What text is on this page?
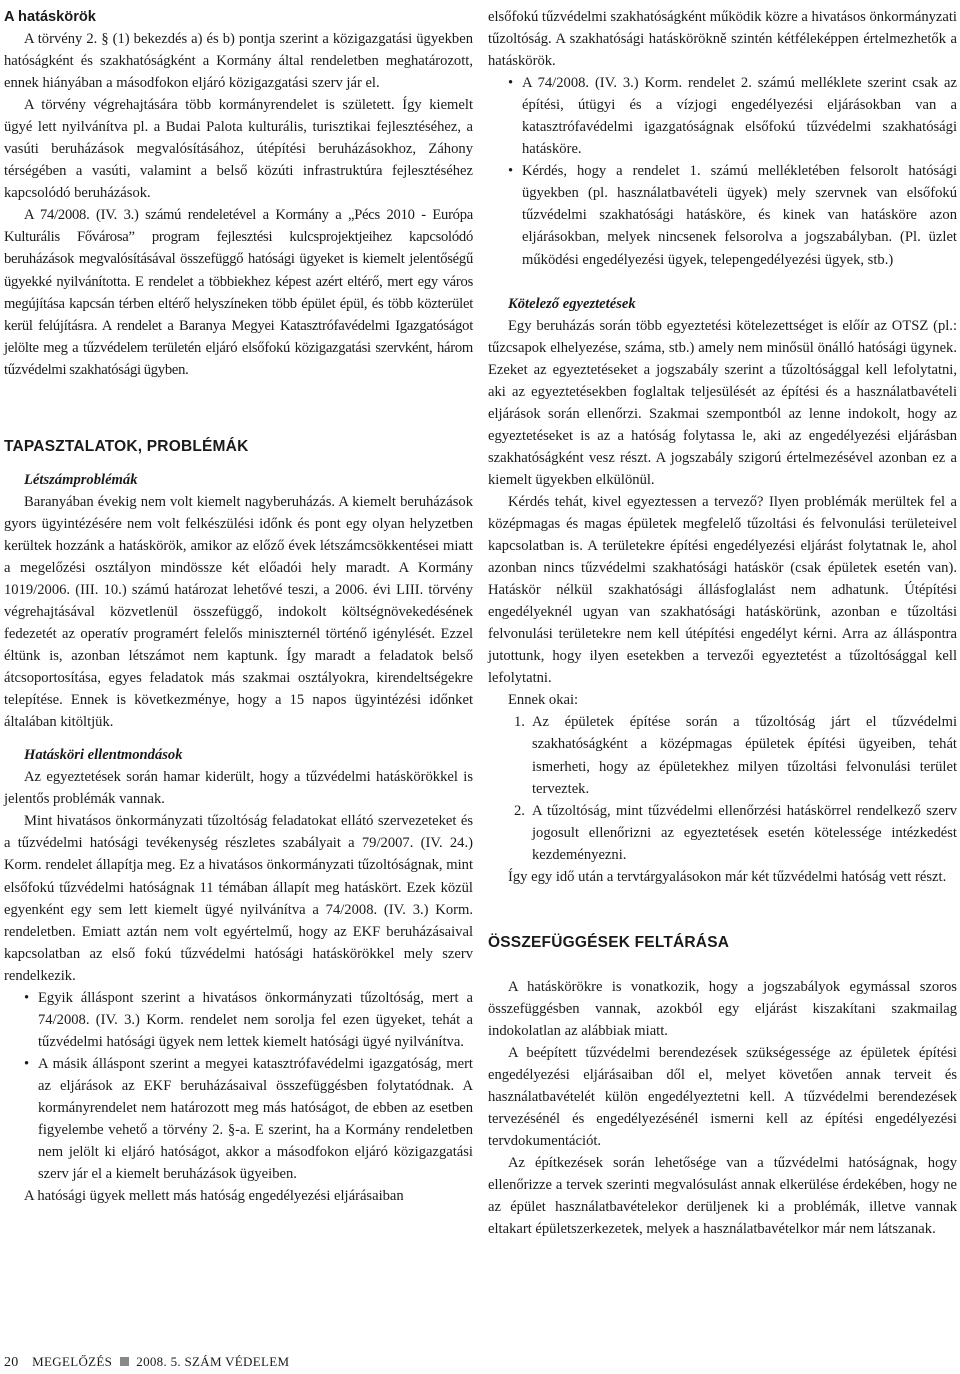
A hatáskörök

A törvény 2. § (1) bekezdés a) és b) pontja szerint a közigazgatási ügyekben hatóságként és szakhatóságként a Kormány által rendeletben meghatározott, ennek hiányában a másodfokon eljáró közigazgatási szerv jár el.

A törvény végrehajtására több kormányrendelet is született. Így kiemelt ügyé lett nyilvánítva pl. a Budai Palota kulturális, turisztikai fejlesztéséhez, a vasúti beruházások megvalósításához, útépítési beruházásokhoz, Záhony térségében a vasúti, valamint a belső közúti infrastruktúra fejlesztéséhez kapcsolódó beruházások.

A 74/2008. (IV. 3.) számú rendeletével a Kormány a „Pécs 2010 - Európa Kulturális Fővárosa” program fejlesztési kulcsprojektjeihez kapcsolódó beruházások megvalósításával összefüggő hatósági ügyeket is kiemelt jelentőségű ügyekké nyilvánította. E rendelet a többiekhez képest azért eltérő, mert egy város megújítása kapcsán térben eltérő helyszíneken több épület épül, és több közterület kerül felújításra. A rendelet a Baranya Megyei Katasztrófavédelmi Igazgatóságot jelölte meg a tűzvédelem területén eljáró elsőfokú közigazgatási szervként, három tűzvédelmi szakhatósági ügyben.

TAPASZTALATOK, PROBLÉMÁK
Létszámproblémák

Baranyában évekig nem volt kiemelt nagyberuházás. A kiemelt beruházások gyors ügyintézésére nem volt felkészülési időnk és pont egy olyan helyzetben kerültek hozzánk a hatáskörök, amikor az előző évek létszámcsökkentései miatt a megelőzési osztályon mindössze két előadói hely maradt. A Kormány 1019/2006. (III. 10.) számú határozat lehetővé teszi, a 2006. évi LIII. törvény végrehajtásával közvetlenül összefüggő, indokolt költségnövekedésének fedezetét az operatív programért felelős miniszternél történő igénylését. Ezzel éltünk is, azonban létszámot nem kaptunk. Így maradt a feladatok belső átcsoportosítása, egyes feladatok más szakmai osztályokra, kirendeltségekre telepítése. Ennek is következménye, hogy a 15 napos ügyintézési időnket általában kitöltjük.

Hatásköri ellentmondások

Az egyeztetések során hamar kiderült, hogy a tűzvédelmi hatáskörökkel is jelentős problémák vannak.

Mint hivatásos önkormányzati tűzoltóság feladatokat ellátó szervezeteket és a tűzvédelmi hatósági tevékenység részletes szabályait a 79/2007. (IV. 24.) Korm. rendelet állapítja meg. Ez a hivatásos önkormányzati tűzoltóságnak, mint elsőfokú tűzvédelmi hatóságnak 11 témában állapít meg hatáskört. Ezek közül egyenként egy sem lett kiemelt ügyé nyilvánítva a 74/2008. (IV. 3.) Korm. rendeletben. Emiatt aztán nem volt egyértelmű, hogy az EKF beruházásaival kapcsolatban az első fokú tűzvédelmi hatósági hatáskörökkel mely szerv rendelkezik.

• Egyik álláspont szerint a hivatásos önkormányzati tűzoltóság, mert a 74/2008. (IV. 3.) Korm. rendelet nem sorolja fel ezen ügyeket, tehát a tűzvédelmi hatósági ügyek nem lettek kiemelt hatósági ügyé nyilvánítva.
• A másik álláspont szerint a megyei katasztrófavédelmi igazgatóság, mert az eljárások az EKF beruházásaival összefüggésben folytatódnak. A kormányrendelet nem határozott meg más hatóságot, de ebben az esetben figyelembe vehető a törvény 2. §-a. E szerint, ha a Kormány rendeletben nem jelölt ki eljáró hatóságot, akkor a másodfokon eljáró közigazgatási szerv jár el a kiemelt beruházások ügyeiben.

A hatósági ügyek mellett más hatóság engedélyezési eljárásaiban

elsőfokú tűzvédelmi szakhatóságként működik közre a hivatásos önkormányzati tűzoltóság. A szakhatósági hatáskörökně szintén kétféleképpen értelmezhetők a hatáskörök.

• A 74/2008. (IV. 3.) Korm. rendelet 2. számú melléklete szerint csak az építési, útügyi és a vízjogi engedélyezési eljárásokban van a katasztrófavédelmi igazgatóságnak elsőfokú tűzvédelmi szakhatósági hatásköre.
• Kérdés, hogy a rendelet 1. számú mellékletében felsorolt hatósági ügyekben (pl. használatbavételi ügyek) mely szervnek van elsőfokú tűzvédelmi szakhatósági hatásköre, és kinek van hatásköre azon eljárásokban, melyek nincsenek felsorolva a jogszabályban. (Pl. üzlet működési engedélyezési ügyek, telepengedélyezési ügyek, stb.)
Kötelező egyeztetések

Egy beruházás során több egyeztetési kötelezettséget is előír az OTSZ (pl.: tűzcsapok elhelyezése, száma, stb.) amely nem minősül önálló hatósági ügynek. Ezeket az egyeztetéseket a jogszabály szerint a tűzoltósággal kell lefolytatni, aki az egyeztetésekben foglaltak teljesülését az építési és a használatbavételi eljárások során ellenőrzi. Szakmai szempontból az lenne indokolt, hogy az egyeztetéseket is az a hatóság folytassa le, aki az engedélyezési eljárásban szakhatóságként vesz részt. A jogszabály szigorú értelmezésével azonban ez a kiemelt ügyekben elkülönül.

Kérdés tehát, kivel egyeztessen a tervező? Ilyen problémák merültek fel a középmagas és magas épületek megfelelő tűzoltási és felvonulási területeivel kapcsolatban is. A területekre építési engedélyezési eljárást folytatnak le, ahol azonban nincs tűzvédelmi szakhatósági hatáskör (csak épületek esetén van). Hatáskör nélkül szakhatósági állásfoglalást nem adhatunk. Útépítési engedélyeknél ugyan van szakhatósági hatáskörünk, azonban e tűzoltási felvonulási területekre nem kell útépítési engedélyt kérni. Arra az álláspontra jutottunk, hogy ilyen esetekben a tervezői egyeztetést a tűzoltósággal kell lefolytatni.

Ennek okai:

1. Az épületek építése során a tűzoltóság járt el tűzvédelmi szakhatóságként a középmagas épületek építési ügyeiben, tehát ismerheti, hogy az épületekhez milyen tűzoltási felvonulási terület terveztek.
2. A tűzoltóság, mint tűzvédelmi ellenőrzési hatáskörrel rendelkező szerv jogosult ellenőrizni az egyeztetések esetén kötelessége intézkedést kezdeményezni.

Így egy idő után a tervtárgyalásokon már két tűzvédelmi hatóság vett részt.

ÖSSZEFÜGGÉSEK FELTÁRÁSA

A hatáskörökre is vonatkozik, hogy a jogszabályok egymással szoros összefüggésben vannak, azokból egy eljárást kiszakítani szakmailag indokolatlan az alábbiak miatt.

A beépített tűzvédelmi berendezések szükségessége az épületek építési engedélyezési eljárásaiban dől el, melyet követően annak terveit és használatbavételét külön engedélyeztetni kell. A tűzvédelmi berendezések tervezésénél és engedélyezésénél ismerni kell az építési engedélyezési tervdokumentációt.

Az építkezések során lehetősége van a tűzvédelmi hatóságnak, hogy ellenőrizze a tervek szerinti megvalósulást annak elkerülése érdekében, hogy ne az épület használatbavételekor derüljenek ki a problémák, illetve vannak eltakart épületszerkezetek, melyek a használatbavételkor már nem látszanak.

20 MEGELŐZÉS 2008. 5. SZÁM VÉDELEM
